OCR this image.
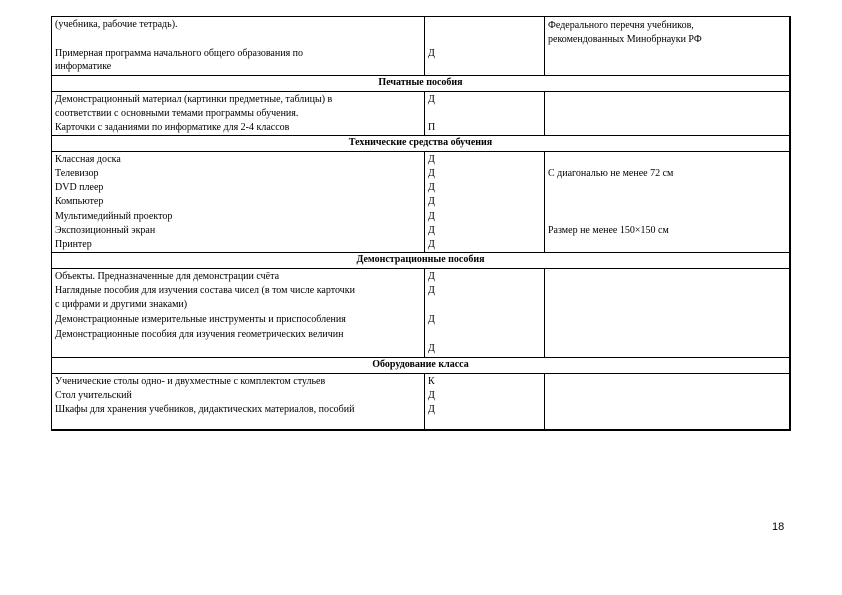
(учебника, рабочие тетрадь).
Примерная программа начального общего образования по
информатике
Д
Федерального перечня учебников,
рекомендованных Минобрнауки РФ
Печатные пособия
Демонстрационный материал (картинки предметные, таблицы) в
соответствии с основными темами программы обучения.
Карточки с заданиями по информатике для 2-4 классов
Д
П
Технические средства обучения
Классная доска
Телевизор
DVD плеер
Компьютер
Мультимедийный проектор
Экспозиционный экран
Принтер
Д
Д
Д
Д
Д
Д
Д
С диагональю не менее 72 см
Размер не менее 150×150 см
Демонстрационные пособия
Объекты. Предназначенные для демонстрации счёта
Наглядные пособия для изучения состава чисел (в том числе карточки
с цифрами и другими знаками)
Демонстрационные измерительные инструменты и приспособления
Демонстрационные пособия для изучения геометрических величин
Д
Д
Д
Д
Оборудование класса
Ученические столы одно- и двухместные с комплектом стульев
Стол учительский
Шкафы для хранения учебников, дидактических материалов, пособий
К
Д
Д
18
